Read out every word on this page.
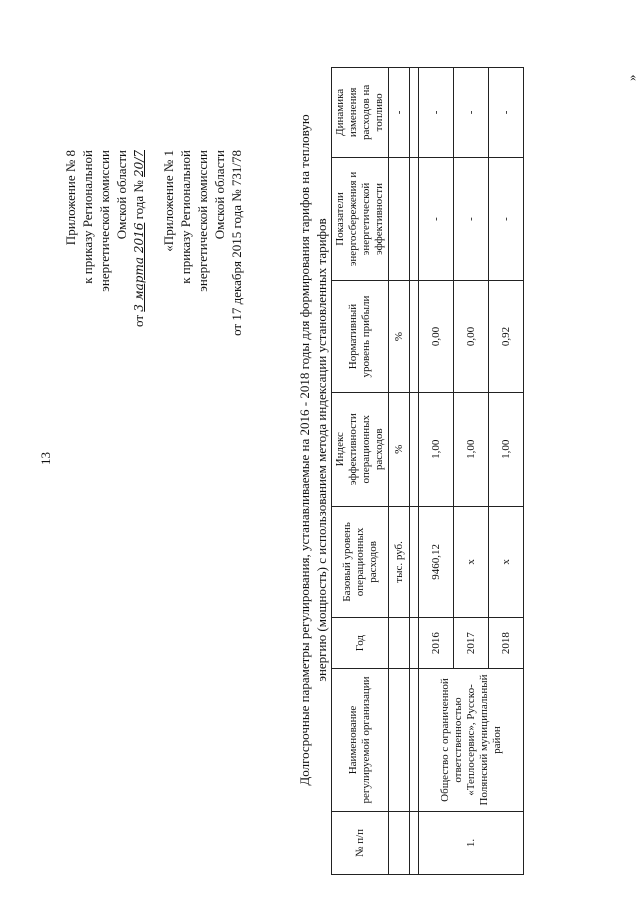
13
Приложение № 8 к приказу Региональной энергетической комиссии Омской области
от 3 марта 2016 года № 20/7 «Приложение № 1 к приказу Региональной энергетической комиссии Омской области от 17 декабря 2015 года № 731/78	Долгосрочные параметры регулирования, устанавливаемые на 2016 - 2018 годы для формирования тарифов на тепловую энергию (мощность) с использованием метода индексации установленных тарифов
№ п/п	Наименование регулируемой организации	Год	Базовый уровень операционных расходов	Индекс эффективности операционных расходов	Нормативный уровень прибыли	Показатели энергосбережения и энергетической эффективности	Динамика изменения расходов на топливо
			тыс. руб.	%	%		-

1.	Общество с ограниченной ответственностью «Теплосервис», Русско-Полянский муниципальный район	2016	9460,12	1,00	0,00	-	-
		2017	х	1,00	0,00	-	-
		2018	х	1,00	0,92	-	-
»
